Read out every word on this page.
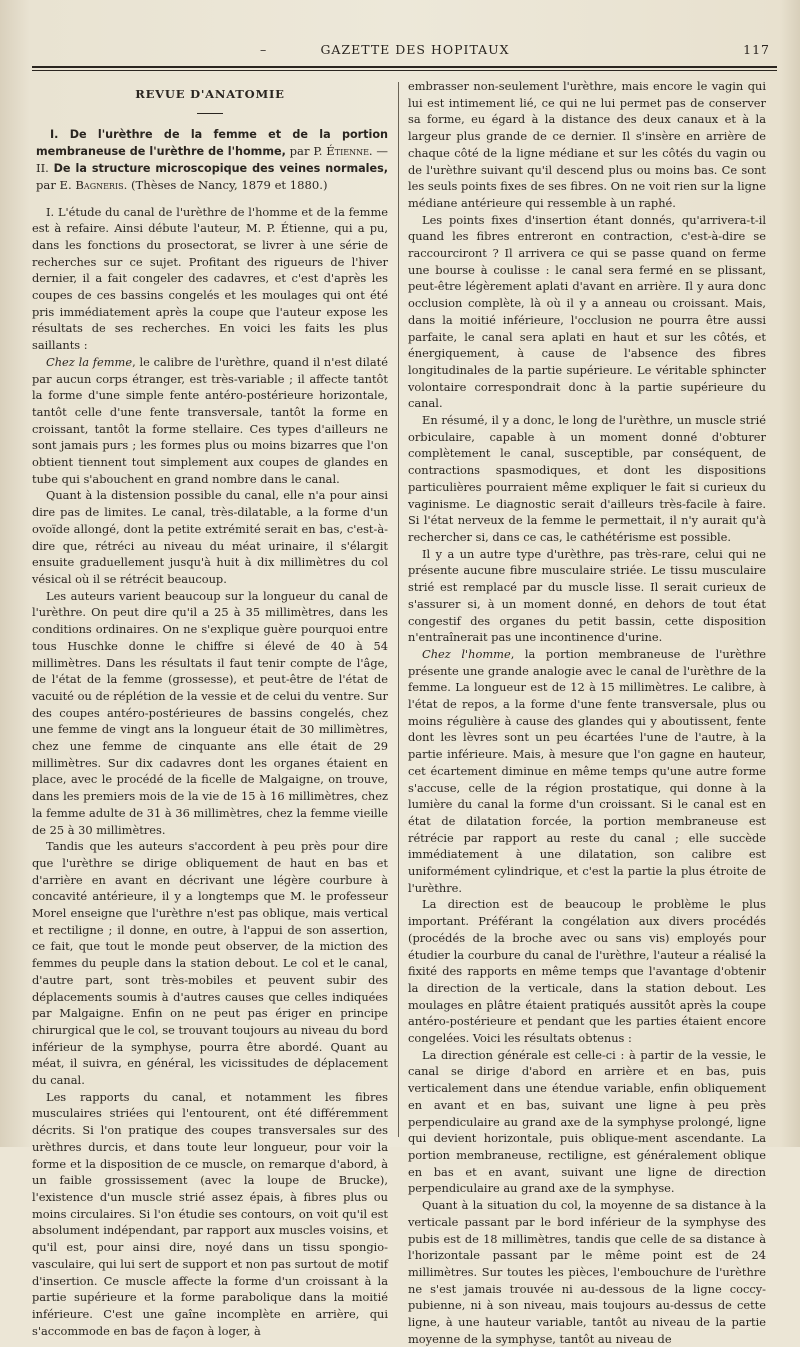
–	GAZETTE DES HOPITAUX	117
REVUE D'ANATOMIE

I. De l'urèthre de la femme et de la portion membraneuse de l'urèthre de l'homme, par P. Étienne. — II. De la structure microscopique des veines normales, par E. Bagneris. (Thèses de Nancy, 1879 et 1880.)

I. L'étude du canal de l'urèthre de l'homme et de la femme est à refaire. Ainsi débute l'auteur, M. P. Étienne, qui a pu, dans les fonctions du prosectorat, se livrer à une série de recherches sur ce sujet. Profitant des rigueurs de l'hiver dernier, il a fait congeler des cadavres, et c'est d'après les coupes de ces bassins congelés et les moulages qui ont été pris immédiatement après la coupe que l'auteur expose les résultats de ses recherches. En voici les faits les plus saillants :

Chez la femme, le calibre de l'urèthre, quand il n'est dilaté par aucun corps étranger, est très-variable ; il affecte tantôt la forme d'une simple fente antéro-postérieure horizontale, tantôt celle d'une fente transversale, tantôt la forme en croissant, tantôt la forme stellaire. Ces types d'ailleurs ne sont jamais purs ; les formes plus ou moins bizarres que l'on obtient tiennent tout simplement aux coupes de glandes en tube qui s'abouchent en grand nombre dans le canal.

Quant à la distension possible du canal, elle n'a pour ainsi dire pas de limites. Le canal, très-dilatable, a la forme d'un ovoïde allongé, dont la petite extrémité serait en bas, c'est-à-dire que, rétréci au niveau du méat urinaire, il s'élargit ensuite graduellement jusqu'à huit à dix millimètres du col vésical où il se rétrécit beaucoup.

Les auteurs varient beaucoup sur la longueur du canal de l'urèthre. On peut dire qu'il a 25 à 35 millimètres, dans les conditions ordinaires. On ne s'explique guère pourquoi entre tous Huschke donne le chiffre si élevé de 40 à 54 millimètres. Dans les résultats il faut tenir compte de l'âge, de l'état de la femme (grossesse), et peut-être de l'état de vacuité ou de réplétion de la vessie et de celui du ventre. Sur des coupes antéro-postérieures de bassins congelés, chez une femme de vingt ans la longueur était de 30 millimètres, chez une femme de cinquante ans elle était de 29 millimètres. Sur dix cadavres dont les organes étaient en place, avec le procédé de la ficelle de Malgaigne, on trouve, dans les premiers mois de la vie de 15 à 16 millimètres, chez la femme adulte de 31 à 36 millimètres, chez la femme vieille de 25 à 30 millimètres.

Tandis que les auteurs s'accordent à peu près pour dire que l'urèthre se dirige obliquement de haut en bas et d'arrière en avant en décrivant une légère courbure à concavité antérieure, il y a longtemps que M. le professeur Morel enseigne que l'urèthre n'est pas oblique, mais vertical et rectiligne ; il donne, en outre, à l'appui de son assertion, ce fait, que tout le monde peut observer, de la miction des femmes du peuple dans la station debout. Le col et le canal, d'autre part, sont très-mobiles et peuvent subir des déplacements soumis à d'autres causes que celles indiquées par Malgaigne. Enfin on ne peut pas ériger en principe chirurgical que le col, se trouvant toujours au niveau du bord inférieur de la symphyse, pourra être abordé. Quant au méat, il suivra, en général, les vicissitudes de déplacement du canal.

Les rapports du canal, et notamment les fibres musculaires striées qui l'entourent, ont été différemment décrits. Si l'on pratique des coupes transversales sur des urèthres durcis, et dans toute leur longueur, pour voir la forme et la disposition de ce muscle, on remarque d'abord, à un faible grossissement (avec la loupe de Brucke), l'existence d'un muscle strié assez épais, à fibres plus ou moins circulaires. Si l'on étudie ses contours, on voit qu'il est absolument indépendant, par rapport aux muscles voisins, et qu'il est, pour ainsi dire, noyé dans un tissu spongio-vasculaire, qui lui sert de support et non pas surtout de motif d'insertion. Ce muscle affecte la forme d'un croissant à la partie supérieure et la forme parabolique dans la moitié inférieure. C'est une gaîne incomplète en arrière, qui s'accommode en bas de façon à loger, à

embrasser non-seulement l'urèthre, mais encore le vagin qui lui est intimement lié, ce qui ne lui permet pas de conserver sa forme, eu égard à la distance des deux canaux et à la largeur plus grande de ce dernier. Il s'insère en arrière de chaque côté de la ligne médiane et sur les côtés du vagin ou de l'urèthre suivant qu'il descend plus ou moins bas. Ce sont les seuls points fixes de ses fibres. On ne voit rien sur la ligne médiane antérieure qui ressemble à un raphé.

Les points fixes d'insertion étant donnés, qu'arrivera-t-il quand les fibres entreront en contraction, c'est-à-dire se raccourciront ? Il arrivera ce qui se passe quand on ferme une bourse à coulisse : le canal sera fermé en se plissant, peut-être légèrement aplati d'avant en arrière. Il y aura donc occlusion complète, là où il y a anneau ou croissant. Mais, dans la moitié inférieure, l'occlusion ne pourra être aussi parfaite, le canal sera aplati en haut et sur les côtés, et énergiquement, à cause de l'absence des fibres longitudinales de la partie supérieure. Le véritable sphincter volontaire correspondrait donc à la partie supérieure du canal.

En résumé, il y a donc, le long de l'urèthre, un muscle strié orbiculaire, capable à un moment donné d'obturer complètement le canal, susceptible, par conséquent, de contractions spasmodiques, et dont les dispositions particulières pourraient même expliquer le fait si curieux du vaginisme. Le diagnostic serait d'ailleurs très-facile à faire. Si l'état nerveux de la femme le permettait, il n'y aurait qu'à rechercher si, dans ce cas, le cathétérisme est possible.

Il y a un autre type d'urèthre, pas très-rare, celui qui ne présente aucune fibre musculaire striée. Le tissu musculaire strié est remplacé par du muscle lisse. Il serait curieux de s'assurer si, à un moment donné, en dehors de tout état congestif des organes du petit bassin, cette disposition n'entraînerait pas une incontinence d'urine.

Chez l'homme, la portion membraneuse de l'urèthre présente une grande analogie avec le canal de l'urèthre de la femme. La longueur est de 12 à 15 millimètres. Le calibre, à l'état de repos, a la forme d'une fente transversale, plus ou moins régulière à cause des glandes qui y aboutissent, fente dont les lèvres sont un peu écartées l'une de l'autre, à la partie inférieure. Mais, à mesure que l'on gagne en hauteur, cet écartement diminue en même temps qu'une autre forme s'accuse, celle de la région prostatique, qui donne à la lumière du canal la forme d'un croissant. Si le canal est en état de dilatation forcée, la portion membraneuse est rétrécie par rapport au reste du canal ; elle succède immédiatement à une dilatation, son calibre est uniformément cylindrique, et c'est la partie la plus étroite de l'urèthre.

La direction est de beaucoup le problème le plus important. Préférant la congélation aux divers procédés (procédés de la broche avec ou sans vis) employés pour étudier la courbure du canal de l'urèthre, l'auteur a réalisé la fixité des rapports en même temps que l'avantage d'obtenir la direction de la verticale, dans la station debout. Les moulages en plâtre étaient pratiqués aussitôt après la coupe antéro-postérieure et pendant que les parties étaient encore congelées. Voici les résultats obtenus :

La direction générale est celle-ci : à partir de la vessie, le canal se dirige d'abord en arrière et en bas, puis verticalement dans une étendue variable, enfin obliquement en avant et en bas, suivant une ligne à peu près perpendiculaire au grand axe de la symphyse prolongé, ligne qui devient horizontale, puis oblique-ment ascendante. La portion membraneuse, rectiligne, est généralement oblique en bas et en avant, suivant une ligne de direction perpendiculaire au grand axe de la symphyse.

Quant à la situation du col, la moyenne de sa distance à la verticale passant par le bord inférieur de la symphyse des pubis est de 18 millimètres, tandis que celle de sa distance à l'horizontale passant par le même point est de 24 millimètres. Sur toutes les pièces, l'embouchure de l'urèthre ne s'est jamais trouvée ni au-dessous de la ligne coccy-pubienne, ni à son niveau, mais toujours au-dessus de cette ligne, à une hauteur variable, tantôt au niveau de la partie moyenne de la symphyse, tantôt au niveau de
